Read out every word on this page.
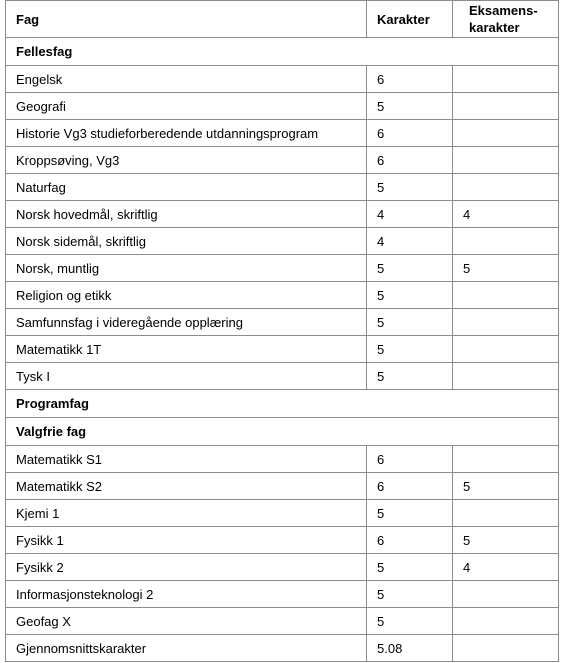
Fag	Karakter	Eksamens-
karakter
Fellesfag		
Engelsk	6	
Geografi	5	
Historie Vg3 studieforberedende utdanningsprogram	6	
Kroppsøving, Vg3	6	
Naturfag	5	
Norsk hovedmål, skriftlig	4	4
Norsk sidemål, skriftlig	4	
Norsk, muntlig	5	5
Religion og etikk	5	
Samfunnsfag i videregående opplæring	5	
Matematikk 1T	5	
Tysk I	5	
Programfag		
Valgfrie fag		
Matematikk S1	6	
Matematikk S2	6	5
Kjemi 1	5	
Fysikk 1	6	5
Fysikk 2	5	4
Informasjonsteknologi 2	5	
Geofag X	5	
Gjennomsnittskarakter	5.08	
